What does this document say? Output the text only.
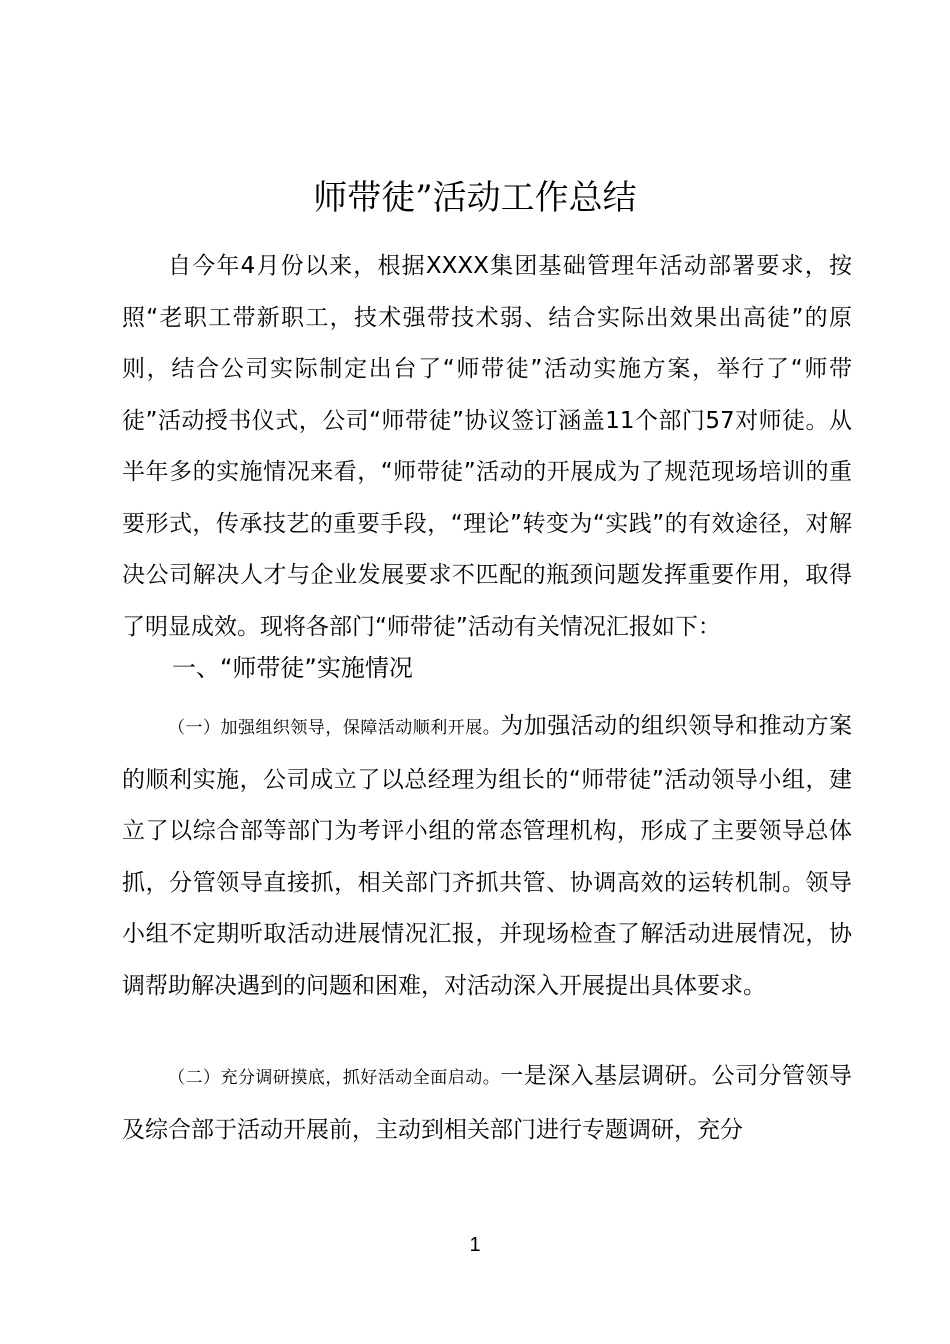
师带徒”活动工作总结

自今年4月份以来，根据XXXX集团基础管理年活动部署要求，按照“老职工带新职工，技术强带技术弱、结合实际出效果出高徒”的原则，结合公司实际制定出台了“师带徒”活动实施方案，举行了“师带徒”活动授书仪式，公司“师带徒”协议签订涵盖11个部门57对师徒。从半年多的实施情况来看，“师带徒”活动的开展成为了规范现场培训的重要形式，传承技艺的重要手段，“理论”转变为“实践”的有效途径，对解决公司解决人才与企业发展要求不匹配的瓶颈问题发挥重要作用，取得了明显成效。现将各部门“师带徒”活动有关情况汇报如下：

一、“师带徒”实施情况

（一）加强组织领导，保障活动顺利开展。为加强活动的组织领导和推动方案的顺利实施，公司成立了以总经理为组长的“师带徒”活动领导小组，建立了以综合部等部门为考评小组的常态管理机构，形成了主要领导总体抓，分管领导直接抓，相关部门齐抓共管、协调高效的运转机制。领导小组不定期听取活动进展情况汇报，并现场检查了解活动进展情况，协调帮助解决遇到的问题和困难，对活动深入开展提出具体要求。

（二）充分调研摸底，抓好活动全面启动。一是深入基层调研。公司分管领导及综合部于活动开展前，主动到相关部门进行专题调研，充分

1
